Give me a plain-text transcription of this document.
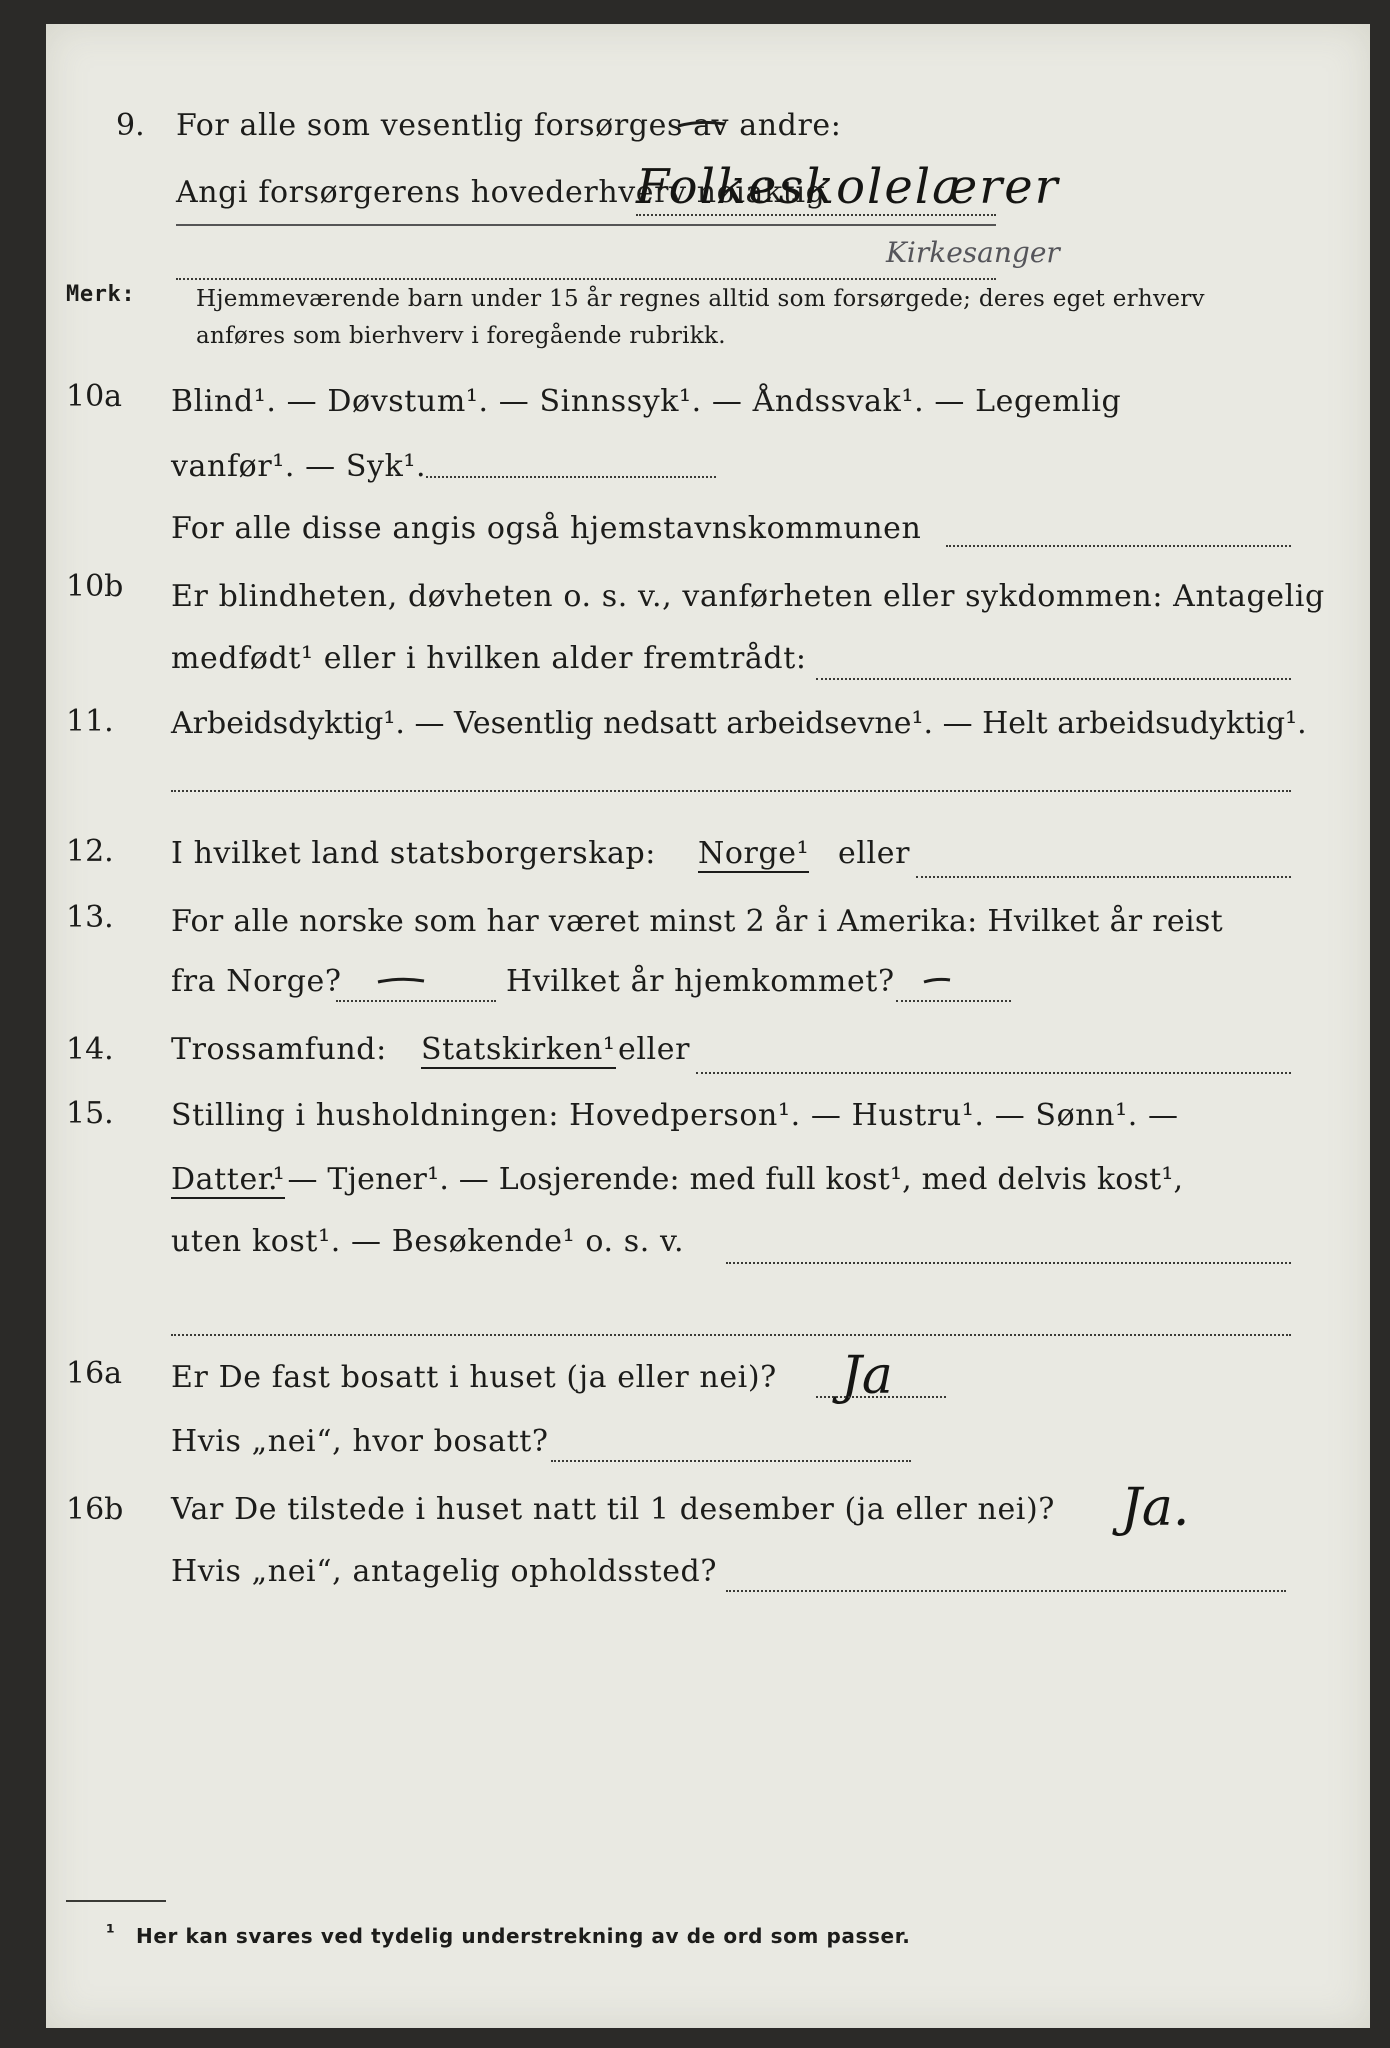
9. For alle som vesentlig forsørges av andre:
Angi forsørgerens hovederhverv nøiaktig
Folkeskolelærer
Kirkesanger
Merk:	Hjemmeværende barn under 15 år regnes alltid som forsørgede; deres eget erhverv
anføres som bierhverv i foregående rubrikk.
10a Blind¹. — Døvstum¹. — Sinnssyk¹. — Åndssvak¹. — Legemlig
vanfør¹. — Syk¹.
For alle disse angis også hjemstavnskommunen
10b Er blindheten, døvheten o. s. v., vanførheten eller sykdommen: Antagelig
medfødt¹ eller i hvilken alder fremtrådt:
11. Arbeidsdyktig¹. — Vesentlig nedsatt arbeidsevne¹. — Helt arbeidsudyktig¹.
12. I hvilket land statsborgerskap: Norge¹ eller
13. For alle norske som har været minst 2 år i Amerika: Hvilket år reist
fra Norge?	Hvilket år hjemkommet?
14. Trossamfund: Statskirken¹ eller
15. Stilling i husholdningen: Hovedperson¹. — Hustru¹. — Sønn¹. —
Datter¹
. — Tjener¹. — Losjerende: med full kost¹, med delvis kost¹,
uten kost¹. — Besøkende¹ o. s. v.
16a Er De fast bosatt i huset (ja eller nei)? Ja
Hvis „nei“, hvor bosatt?
16b Var De tilstede i huset natt til 1 desember (ja eller nei)? Ja.
Hvis „nei“, antagelig opholdssted?
¹ Her kan svares ved tydelig understrekning av de ord som passer.
